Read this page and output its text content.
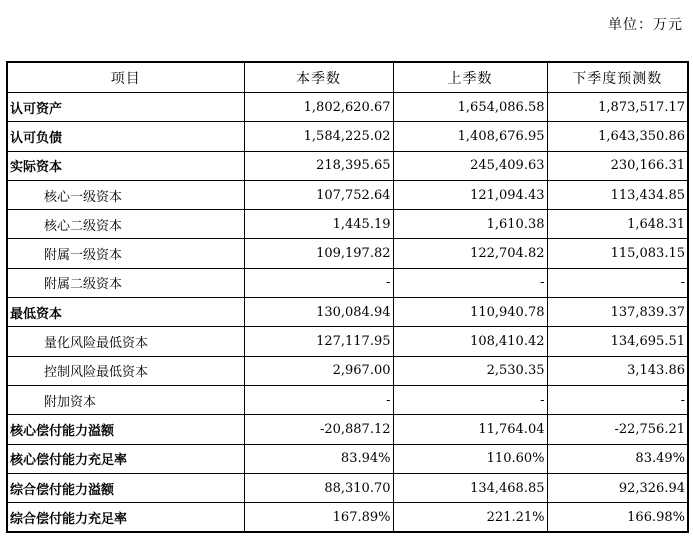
单位：万元
项目	本季数	上季数	下季度预测数
认可资产	1,802,620.67	1,654,086.58	1,873,517.17
认可负债	1,584,225.02	1,408,676.95	1,643,350.86
实际资本	218,395.65	245,409.63	230,166.31
核心一级资本	107,752.64	121,094.43	113,434.85
核心二级资本	1,445.19	1,610.38	1,648.31
附属一级资本	109,197.82	122,704.82	115,083.15
附属二级资本	-	-	-
最低资本	130,084.94	110,940.78	137,839.37
量化风险最低资本	127,117.95	108,410.42	134,695.51
控制风险最低资本	2,967.00	2,530.35	3,143.86
附加资本	-	-	-
核心偿付能力溢额	-20,887.12	11,764.04	-22,756.21
核心偿付能力充足率	83.94%	110.60%	83.49%
综合偿付能力溢额	88,310.70	134,468.85	92,326.94
综合偿付能力充足率	167.89%	221.21%	166.98%
